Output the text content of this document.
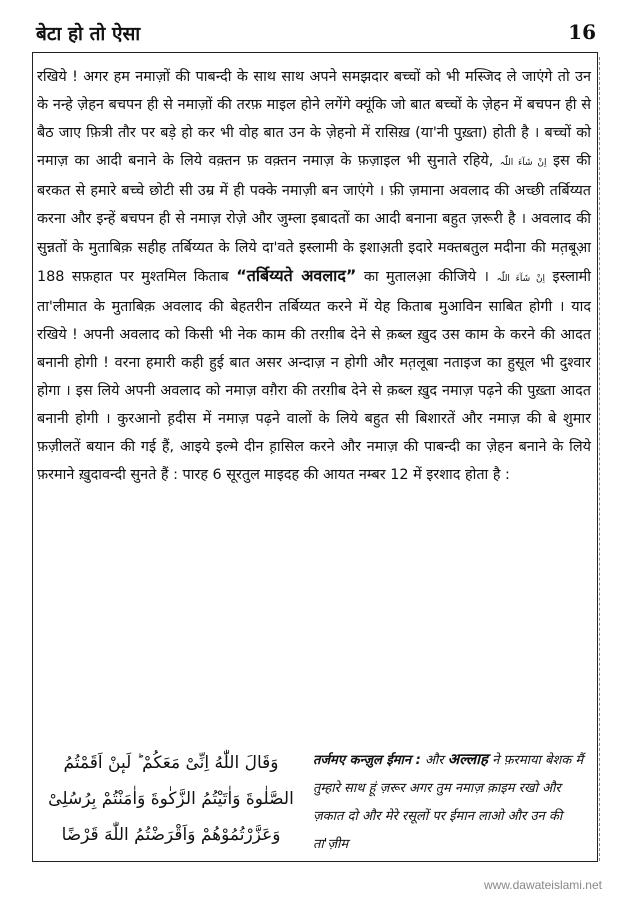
बेटा हो तो ऐसा	16
रखिये ! अगर हम नमाज़ों की पाबन्दी के साथ साथ अपने समझदार बच्चों को भी मस्जिद ले जाएंगे तो उन के नन्हे ज़ेहन बचपन ही से नमाज़ों की तरफ़ माइल होने लगेंगे क्यूंकि जो बात बच्चों के ज़ेहन में बचपन ही से बैठ जाए फ़ित्री तौर पर बड़े हो कर भी वोह बात उन के ज़ेहनो में रासिख़ (या'नी पुख़्ता) होती है । बच्चों को नमाज़ का आदी बनाने के लिये वक़्तन फ़ वक़्तन नमाज़ के फ़ज़ाइल भी सुनाते रहिये, اِنْ شَآءَ اللّٰہ इस की बरकत से हमारे बच्चे छोटी सी उम्र में ही पक्के नमाज़ी बन जाएंगे । फ़ी ज़माना अवलाद की अच्छी तर्बिय्यत करना और इन्हें बचपन ही से नमाज़ रोज़े और जुम्ला इबादतों का आदी बनाना बहुत ज़रूरी है । अवलाद की सुन्नतों के मुताबिक़ सहीह तर्बिय्यत के लिये दा'वते इस्लामी के इशाअ़ती इदारे मक्तबतुल मदीना की मत़बूआ़ 188 सफ़हात पर मुश्तमिल किताब “तर्बिय्यते अवलाद” का मुतालआ़ कीजिये । اِنْ شَآءَ اللّٰہ इस्लामी ता'लीमात के मुताबिक़ अवलाद की बेहतरीन तर्बिय्यत करने में येह किताब मुआविन साबित होगी । याद रखिये ! अपनी अवलाद को किसी भी नेक काम की तरग़ीब देने से क़ब्ल ख़ुद उस काम के करने की आदत बनानी होगी ! वरना हमारी कही हुई बात असर अन्दाज़ न होगी और मत़लूबा नताइज का हुसूल भी दुश्वार होगा । इस लिये अपनी अवलाद को नमाज़ वग़ैरा की तरग़ीब देने से क़ब्ल ख़ुद नमाज़ पढ़ने की पुख़्ता आदत बनानी होगी । कुरआनो ह़दीस में नमाज़ पढ़ने वालों के लिये बहुत सी बिशारतें और नमाज़ की बे शुमार फ़ज़ीलतें बयान की गई हैं, आइये इल्मे दीन ह़ासिल करने और नमाज़ की पाबन्दी का ज़ेहन बनाने के लिये फ़रमाने ख़ुदावन्दी सुनते हैं : पारह 6 सूरतुल माइदह की आयत नम्बर 12 में इरशाद होता है :
وَقَالَ اللّٰهُ اِنِّیْ مَعَكُمْ ؕ لَىٕنْ اَقَمْتُمُ
الصَّلٰوةَ وَاٰتَیْتُمُ الزَّكٰوةَ وَاٰمَنْتُمْ بِرُسُلِیْ
وَعَزَّرْتُمُوْهُمْ وَاَقْرَضْتُمُ اللّٰهَ قَرْضًا
तर्जमए कन्ज़ुल ईमान : और अल्लाह ने फ़रमाया बेशक मैं तुम्हारे साथ हूं ज़रूर अगर तुम नमाज़ क़ाइम रखो और ज़कात दो और मेरे रसूलों पर ईमान लाओ और उन की ता'ज़ीम
www.dawateislami.net
